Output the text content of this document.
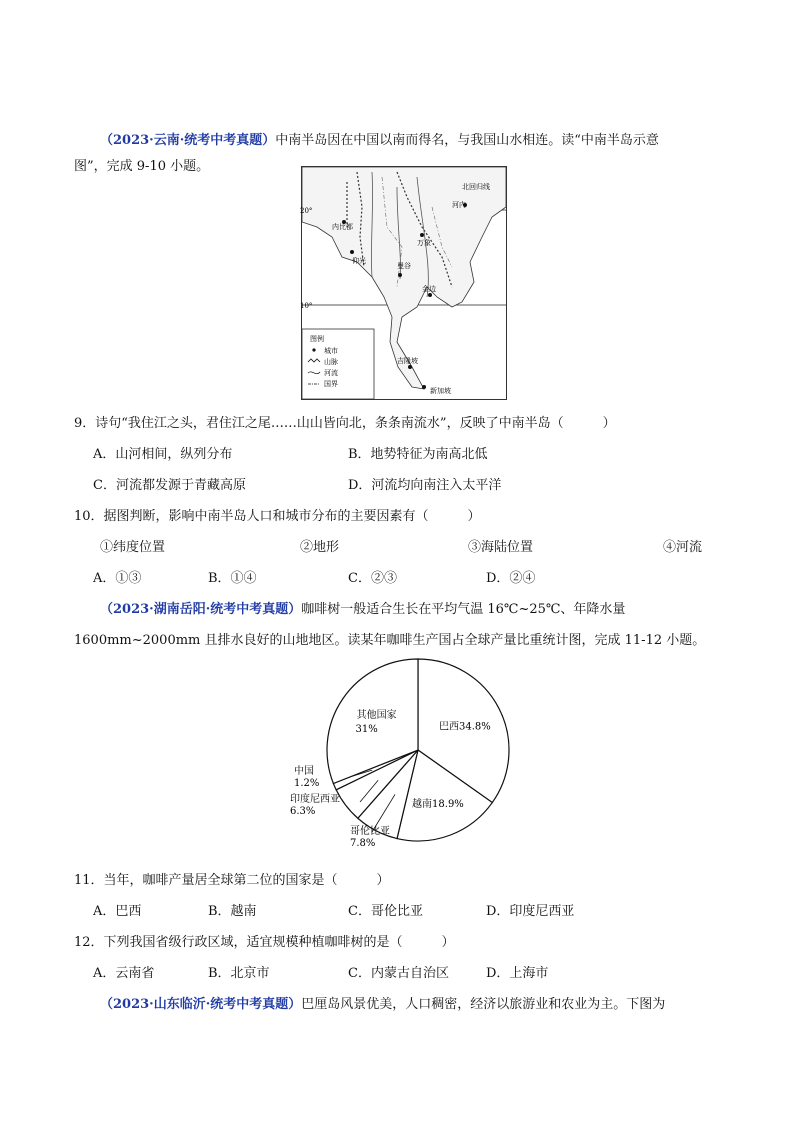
（2023·云南·统考中考真题）中南半岛因在中国以南而得名，与我国山水相连。读“中南半岛示意
图”，完成 9-10 小题。
20°
10°
北回归线
河内
内比都
万象
仰光
曼谷
金边
吉隆坡
新加坡
图例
城市
山脉
河流
国界
9．诗句“我住江之头，君住江之尾……山山皆向北，条条南流水”，反映了中南半岛（　　　）
A．山河相间，纵列分布	B．地势特征为南高北低
C．河流都发源于青藏高原	D．河流均向南注入太平洋
10．据图判断，影响中南半岛人口和城市分布的主要因素有（　　　）
①纬度位置	②地形	③海陆位置	④河流
A．①③	B．①④	C．②③	D．②④
（2023·湖南岳阳·统考中考真题）咖啡树一般适合生长在平均气温 16℃~25℃、年降水量
1600mm~2000mm 且排水良好的山地地区。读某年咖啡生产国占全球产量比重统计图，完成 11-12 小题。
巴西34.8%
越南18.9%
哥伦比亚
7.8%
印度尼西亚
6.3%
中国
1.2%
其他国家
31%
11．当年，咖啡产量居全球第二位的国家是（　　　）
A．巴西	B．越南	C．哥伦比亚	D．印度尼西亚
12．下列我国省级行政区域，适宜规模种植咖啡树的是（　　　）
A．云南省	B．北京市	C．内蒙古自治区	D．上海市
（2023·山东临沂·统考中考真题）巴厘岛风景优美，人口稠密，经济以旅游业和农业为主。下图为
